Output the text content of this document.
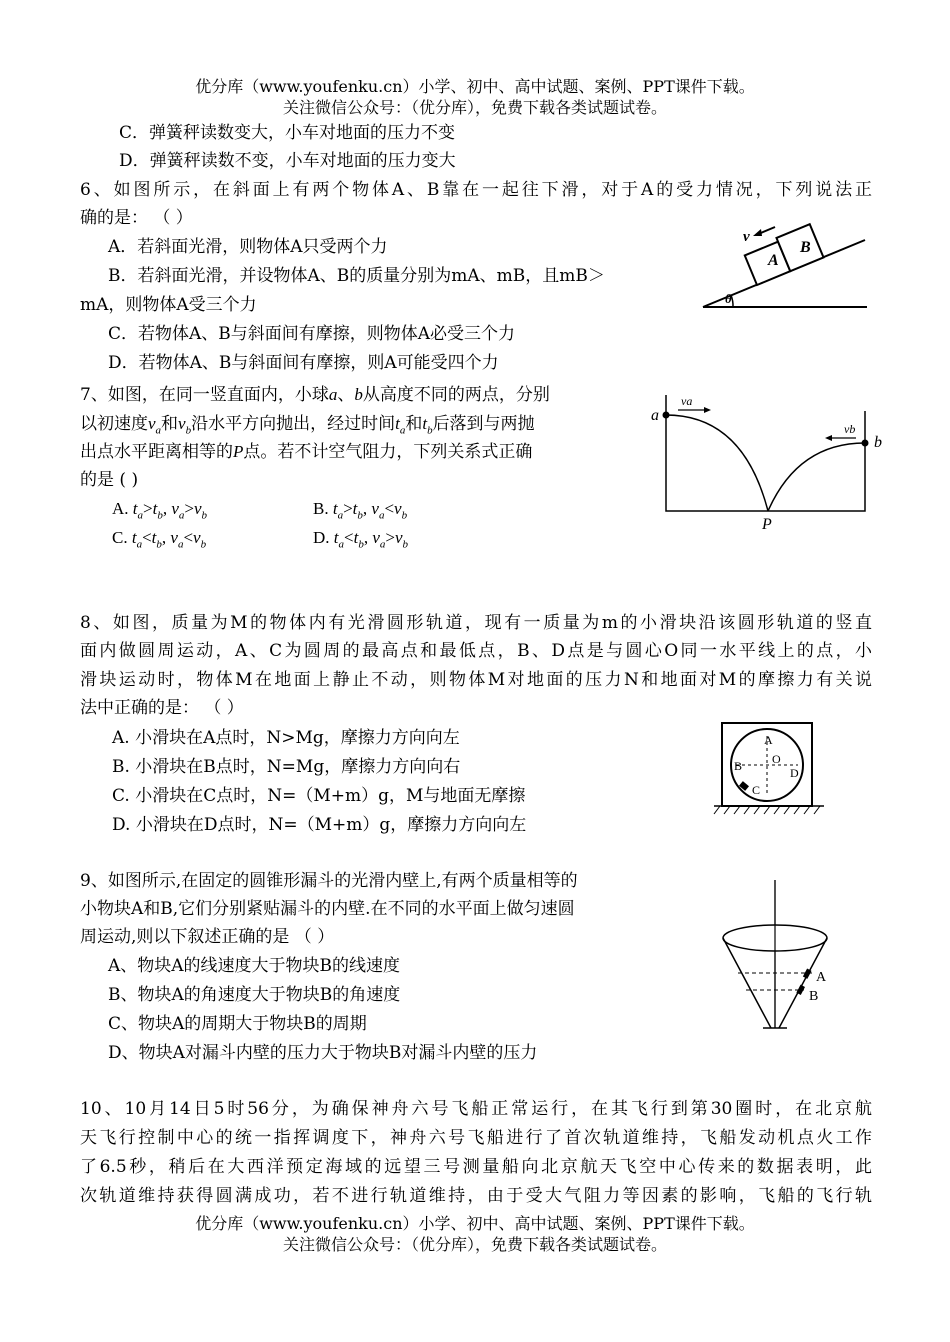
优分库（www.youfenku.cn）小学、初中、高中试题、案例、PPT课件下载。
关注微信公众号：（优分库），免费下载各类试题试卷。
C．弹簧秤读数变大，小车对地面的压力不变
D．弹簧秤读数不变，小车对地面的压力变大
6、如图所示，在斜面上有两个物体A、B靠在一起往下滑，对于A的受力情况，下列说法正
确的是： （ ）
A．若斜面光滑，则物体A只受两个力
B．若斜面光滑，并设物体A、B的质量分别为mA、mB，且mB＞
mA，则物体A受三个力
C．若物体A、B与斜面间有摩擦，则物体A必受三个力
D．若物体A、B与斜面间有摩擦，则A可能受四个力
θ
A
B
v
7、如图，在同一竖直面内，小球a、b从高度不同的两点，分别
以初速度$v_a$和$v_b$沿水平方向抛出，经过时间$t_a$和$t_b$后落到与两抛
出点水平距离相等的P点。若不计空气阻力，下列关系式正确
的是 ( )
A. $t_a>t_b$, $v_a>v_b$	B. $t_a>t_b$, $v_a<v_b$
C. $t_a<t_b$, $v_a<v_b$	D. $t_a<t_b$, $v_a>v_b$
a
b
P
va
vb
8、如图，质量为M的物体内有光滑圆形轨道，现有一质量为m的小滑块沿该圆形轨道的竖直
面内做圆周运动，A、C为圆周的最高点和最低点，B、D点是与圆心O同一水平线上的点，小
滑块运动时，物体M在地面上静止不动，则物体M对地面的压力N和地面对M的摩擦力有关说
法中正确的是： （ ）
A. 小滑块在A点时，N>Mg，摩擦力方向向左
B. 小滑块在B点时，N=Mg，摩擦力方向向右
C. 小滑块在C点时，N=（M+m）g，M与地面无摩擦
D. 小滑块在D点时，N=（M+m）g，摩擦力方向向左
A
O
B	D
C
9、如图所示,在固定的圆锥形漏斗的光滑内壁上,有两个质量相等的
小物块A和B,它们分别紧贴漏斗的内壁.在不同的水平面上做匀速圆
周运动,则以下叙述正确的是 （ ）
A、物块A的线速度大于物块B的线速度
B、物块A的角速度大于物块B的角速度
C、物块A的周期大于物块B的周期
D、物块A对漏斗内壁的压力大于物块B对漏斗内壁的压力
A
B
10、10月14日5时56分，为确保神舟六号飞船正常运行，在其飞行到第30圈时，在北京航
天飞行控制中心的统一指挥调度下，神舟六号飞船进行了首次轨道维持，飞船发动机点火工作
了6.5秒，稍后在大西洋预定海域的远望三号测量船向北京航天飞空中心传来的数据表明，此
次轨道维持获得圆满成功，若不进行轨道维持，由于受大气阻力等因素的影响，飞船的飞行轨
优分库（www.youfenku.cn）小学、初中、高中试题、案例、PPT课件下载。
关注微信公众号：（优分库），免费下载各类试题试卷。
